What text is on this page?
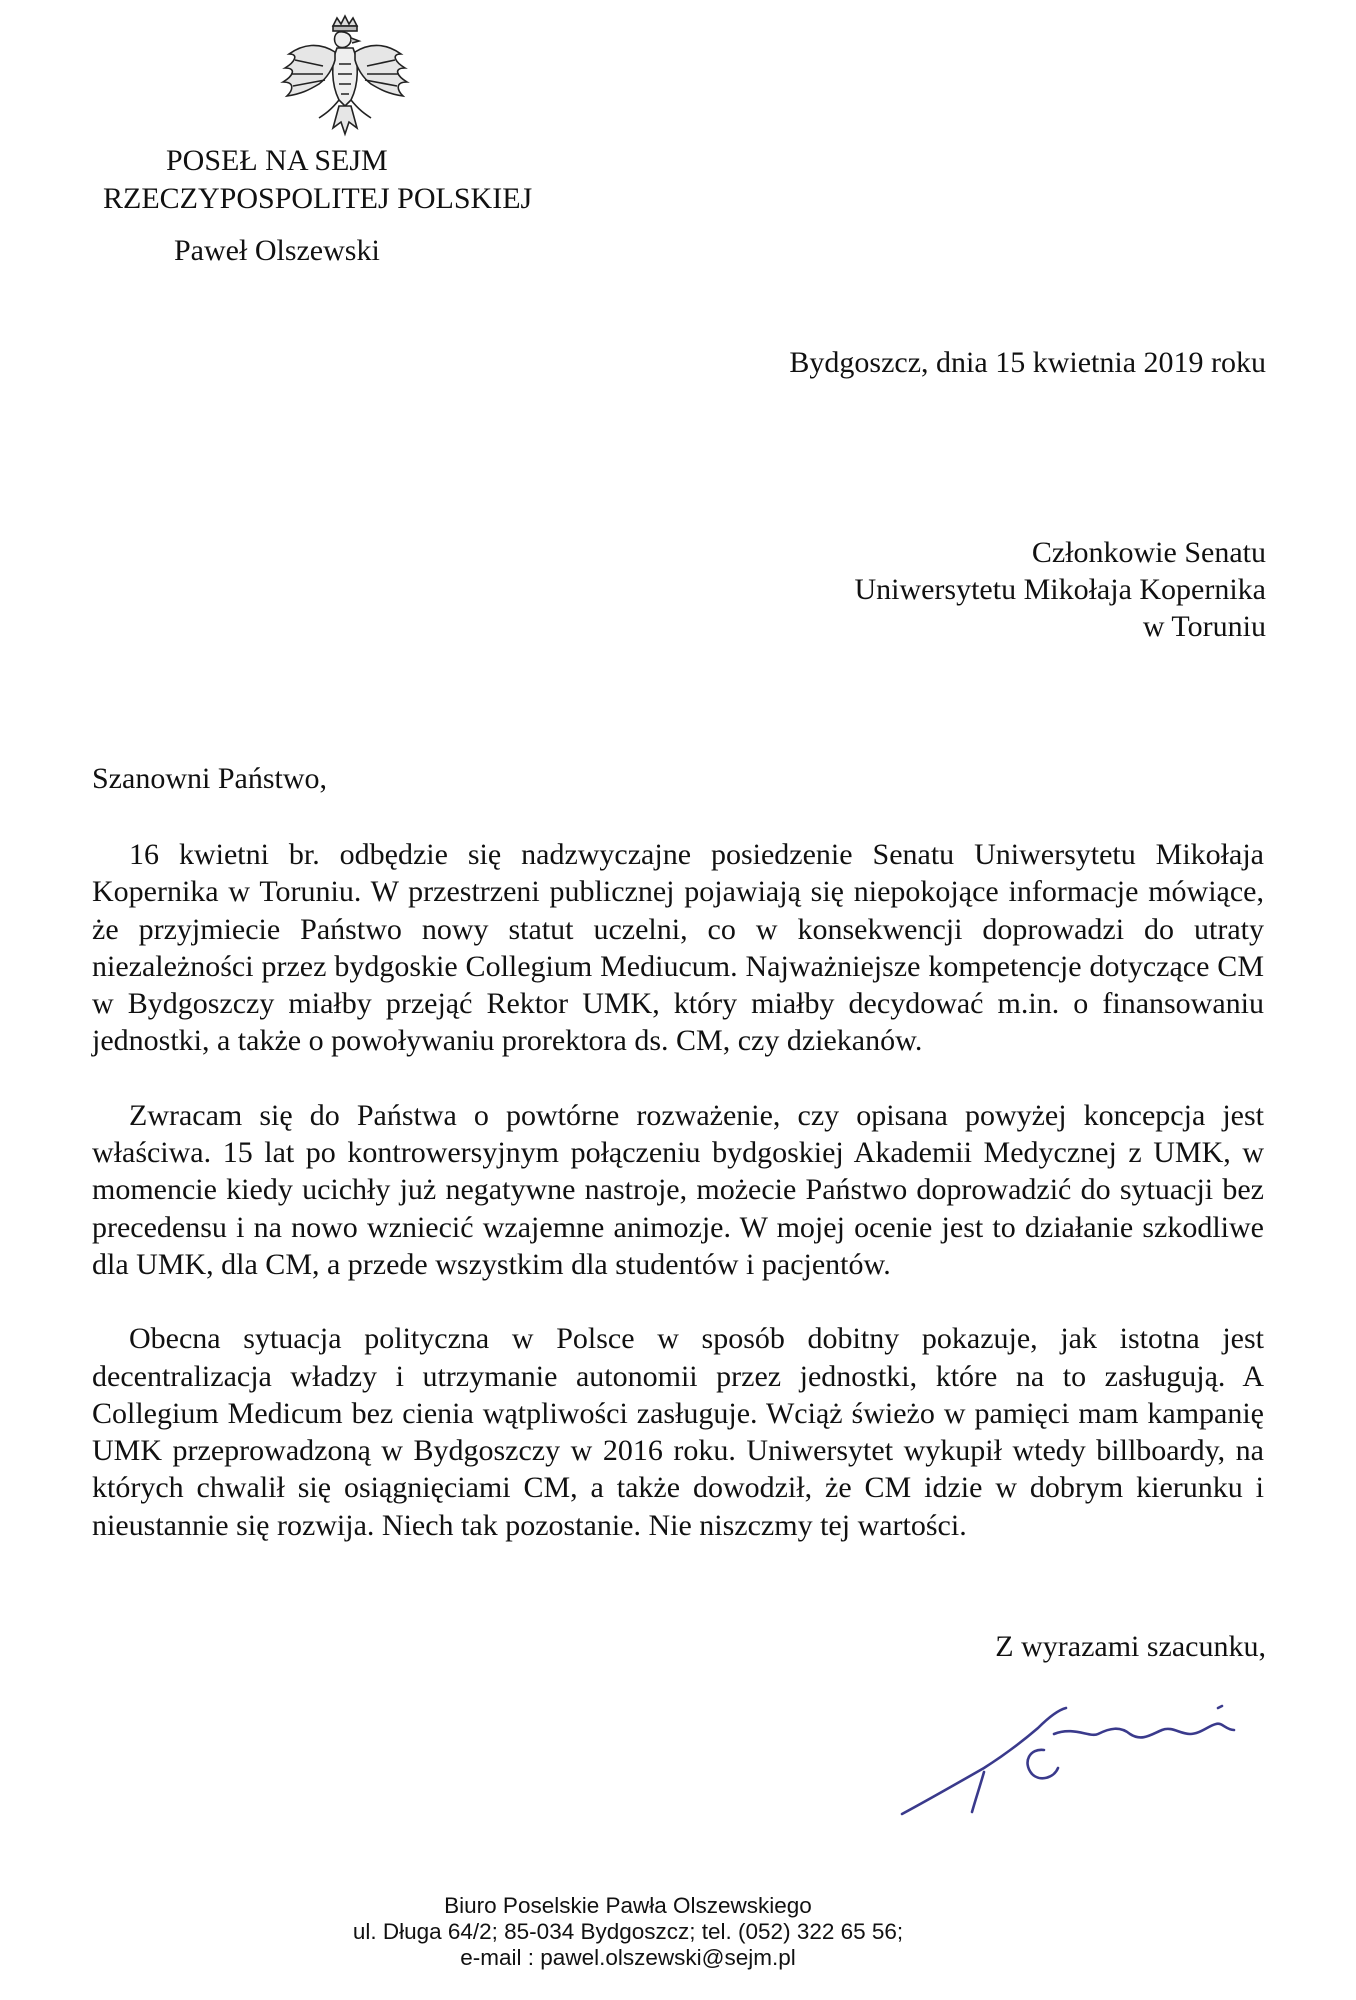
POSEŁ NA SEJM
RZECZYPOSPOLITEJ POLSKIEJ
Paweł Olszewski
Bydgoszcz, dnia 15 kwietnia 2019 roku
Członkowie Senatu
Uniwersytetu Mikołaja Kopernika
w Toruniu
Szanowni Państwo,

16 kwietni br. odbędzie się nadzwyczajne posiedzenie Senatu Uniwersytetu Mikołaja Kopernika w Toruniu. W przestrzeni publicznej pojawiają się niepokojące informacje mówiące, że przyjmiecie Państwo nowy statut uczelni, co w konsekwencji doprowadzi do utraty niezależności przez bydgoskie Collegium Mediucum. Najważniejsze kompetencje dotyczące CM w Bydgoszczy miałby przejąć Rektor UMK, który miałby decydować m.in. o finansowaniu jednostki, a także o powoływaniu prorektora ds. CM, czy dziekanów.

Zwracam się do Państwa o powtórne rozważenie, czy opisana powyżej koncepcja jest właściwa. 15 lat po kontrowersyjnym połączeniu bydgoskiej Akademii Medycznej z UMK, w momencie kiedy ucichły już negatywne nastroje, możecie Państwo doprowadzić do sytuacji bez precedensu i na nowo wzniecić wzajemne animozje. W mojej ocenie jest to działanie szkodliwe dla UMK, dla CM, a przede wszystkim dla studentów i pacjentów.

Obecna sytuacja polityczna w Polsce w sposób dobitny pokazuje, jak istotna jest decentralizacja władzy i utrzymanie autonomii przez jednostki, które na to zasługują. A Collegium Medicum bez cienia wątpliwości zasługuje. Wciąż świeżo w pamięci mam kampanię UMK przeprowadzoną w Bydgoszczy w 2016 roku. Uniwersytet wykupił wtedy billboardy, na których chwalił się osiągnięciami CM, a także dowodził, że CM idzie w dobrym kierunku i nieustannie się rozwija. Niech tak pozostanie. Nie niszczmy tej wartości.

Z wyrazami szacunku,
Biuro Poselskie Pawła Olszewskiego
ul. Długa 64/2; 85-034 Bydgoszcz; tel. (052) 322 65 56;
e-mail : pawel.olszewski@sejm.pl
